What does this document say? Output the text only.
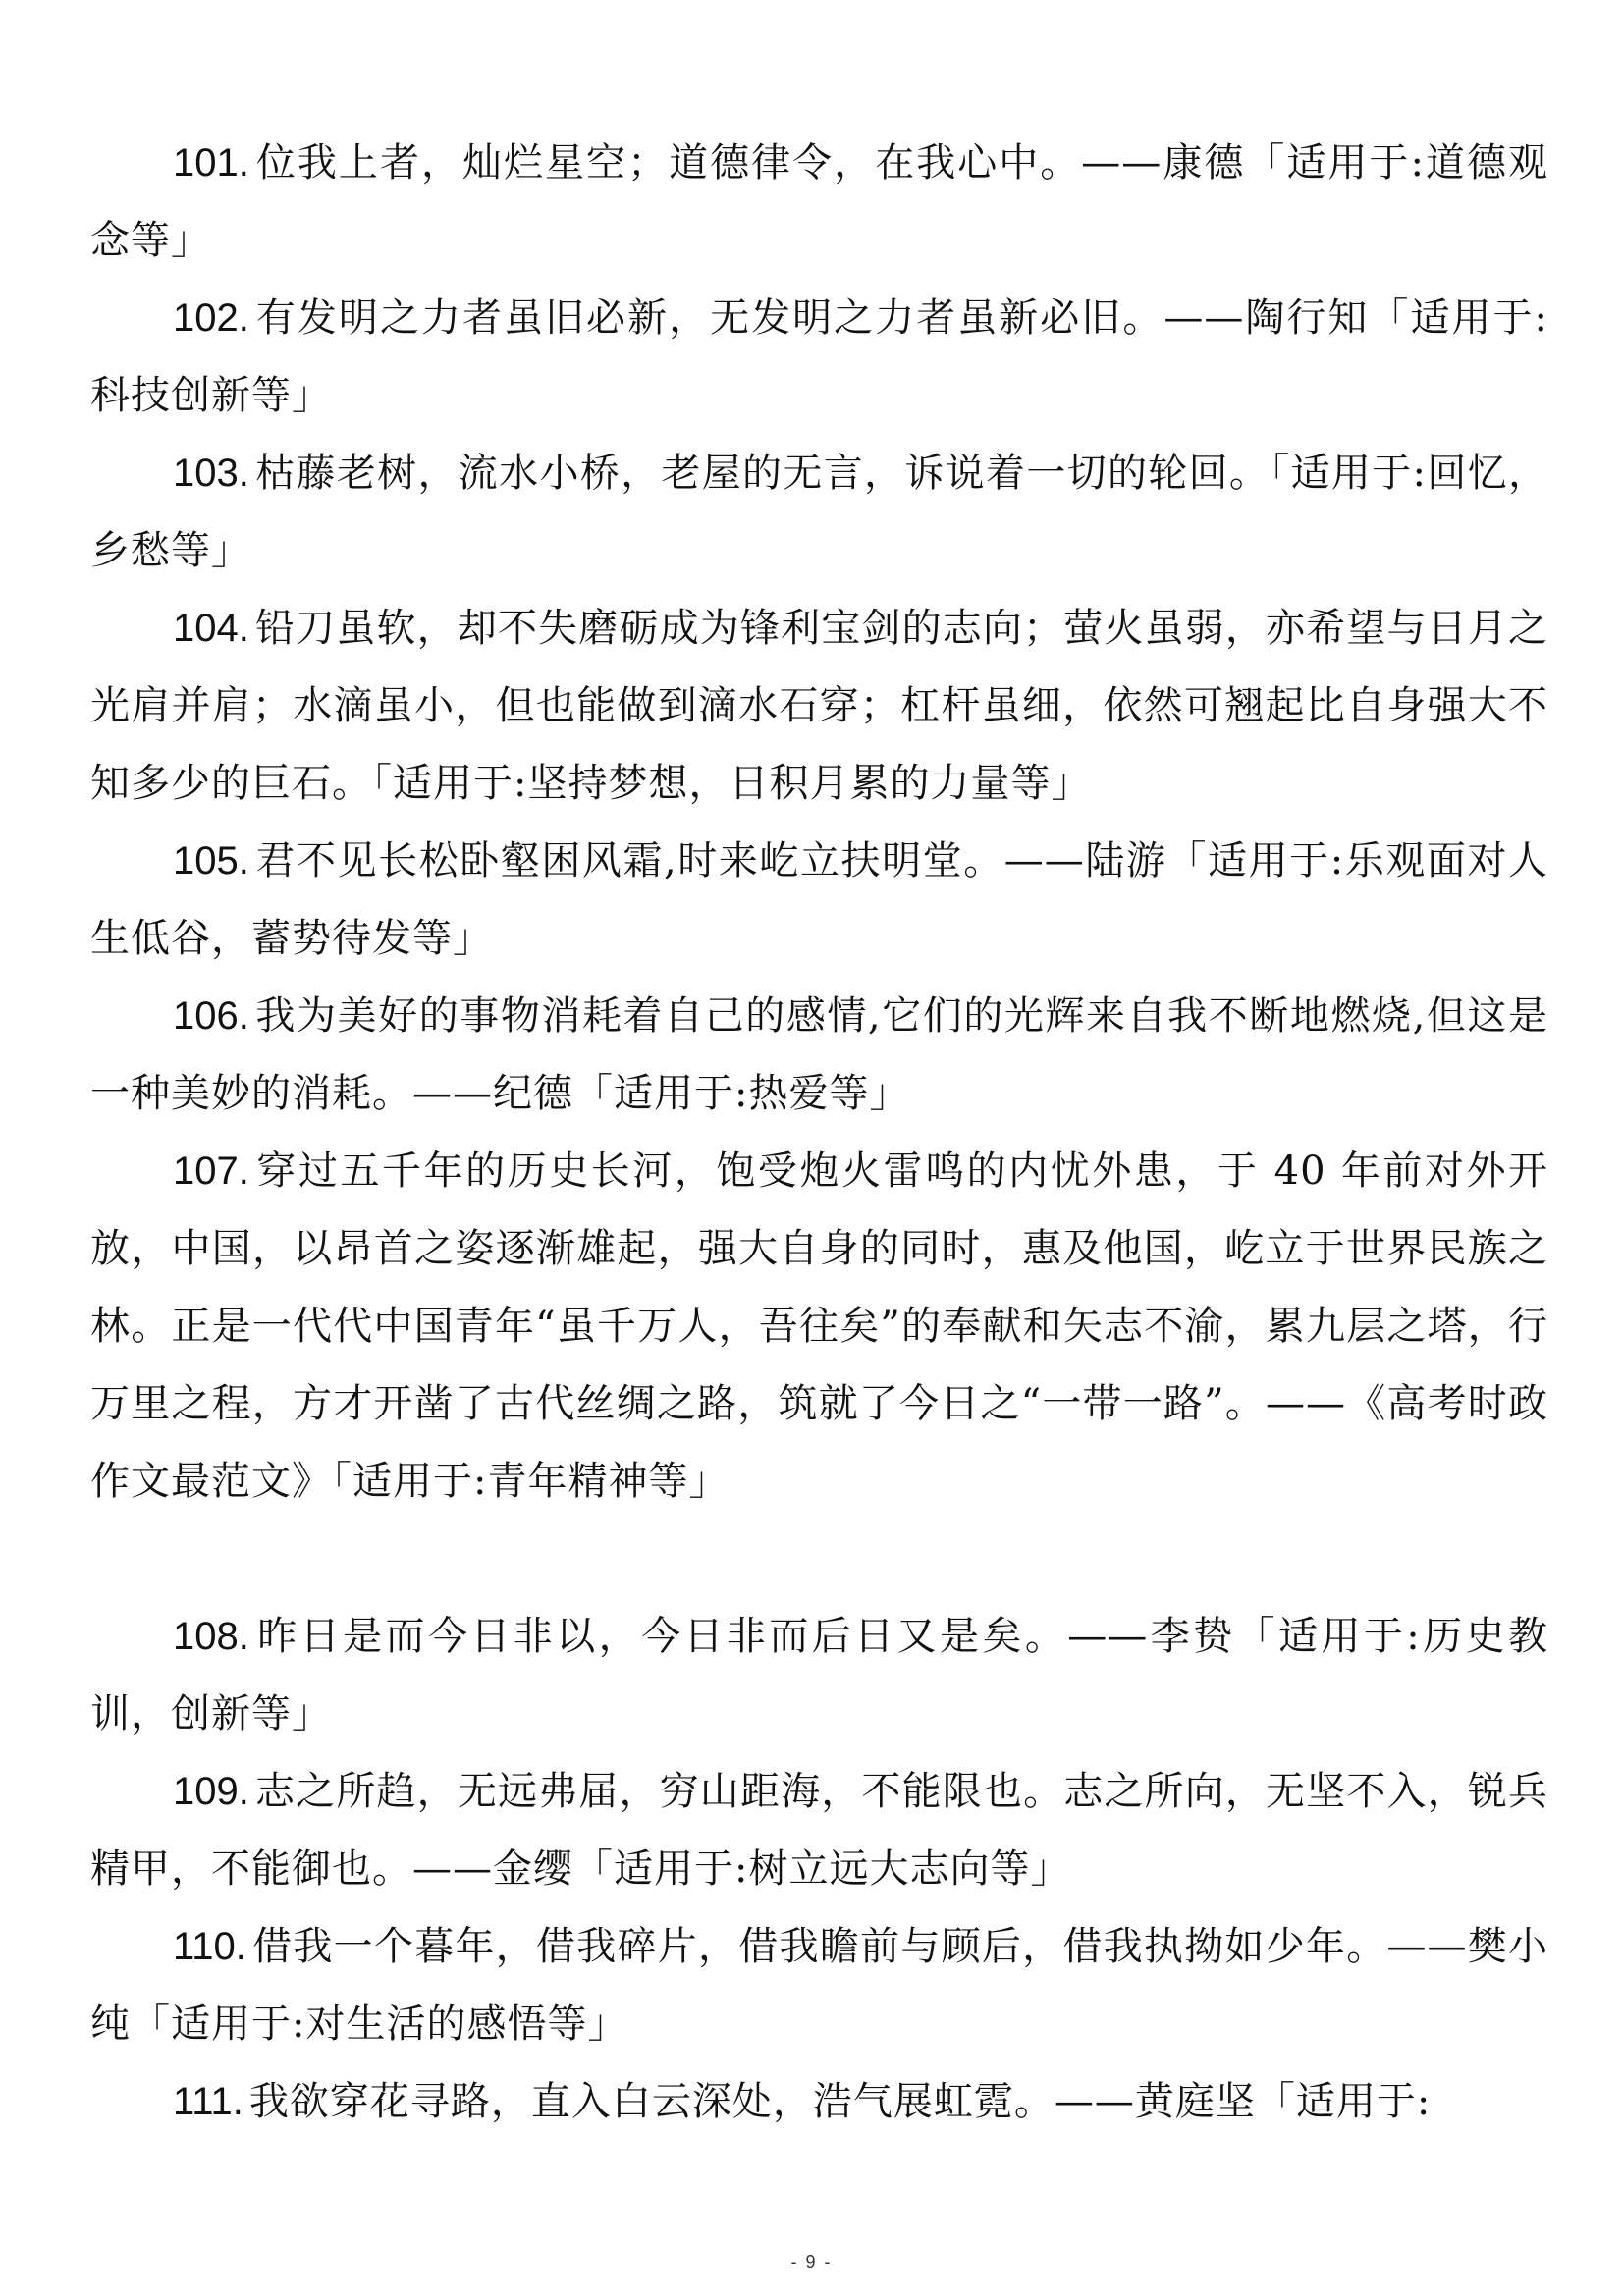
101. 位我上者，灿烂星空；道德律令，在我心中。——康德「适用于:道德观念等」

102. 有发明之力者虽旧必新，无发明之力者虽新必旧。——陶行知「适用于:科技创新等」

103. 枯藤老树，流水小桥，老屋的无言，诉说着一切的轮回。「适用于:回忆，乡愁等」

104. 铅刀虽软，却不失磨砺成为锋利宝剑的志向；萤火虽弱，亦希望与日月之光肩并肩；水滴虽小，但也能做到滴水石穿；杠杆虽细，依然可翘起比自身强大不知多少的巨石。「适用于:坚持梦想，日积月累的力量等」

105. 君不见长松卧壑困风霜,时来屹立扶明堂。——陆游「适用于:乐观面对人生低谷，蓄势待发等」

106. 我为美好的事物消耗着自己的感情,它们的光辉来自我不断地燃烧,但这是一种美妙的消耗。——纪德「适用于:热爱等」

107. 穿过五千年的历史长河，饱受炮火雷鸣的内忧外患，于 40 年前对外开放，中国，以昂首之姿逐渐雄起，强大自身的同时，惠及他国，屹立于世界民族之林。正是一代代中国青年“虽千万人，吾往矣”的奉献和矢志不渝，累九层之塔，行万里之程，方才开凿了古代丝绸之路，筑就了今日之“一带一路”。——《高考时政作文最范文》「适用于:青年精神等」

108. 昨日是而今日非以，今日非而后日又是矣。——李贽「适用于:历史教训，创新等」

109. 志之所趋，无远弗届，穷山距海，不能限也。志之所向，无坚不入，锐兵精甲，不能御也。——金缨「适用于:树立远大志向等」

110. 借我一个暮年，借我碎片，借我瞻前与顾后，借我执拗如少年。——樊小纯「适用于:对生活的感悟等」

111. 我欲穿花寻路，直入白云深处，浩气展虹霓。——黄庭坚「适用于:

- 9 -
